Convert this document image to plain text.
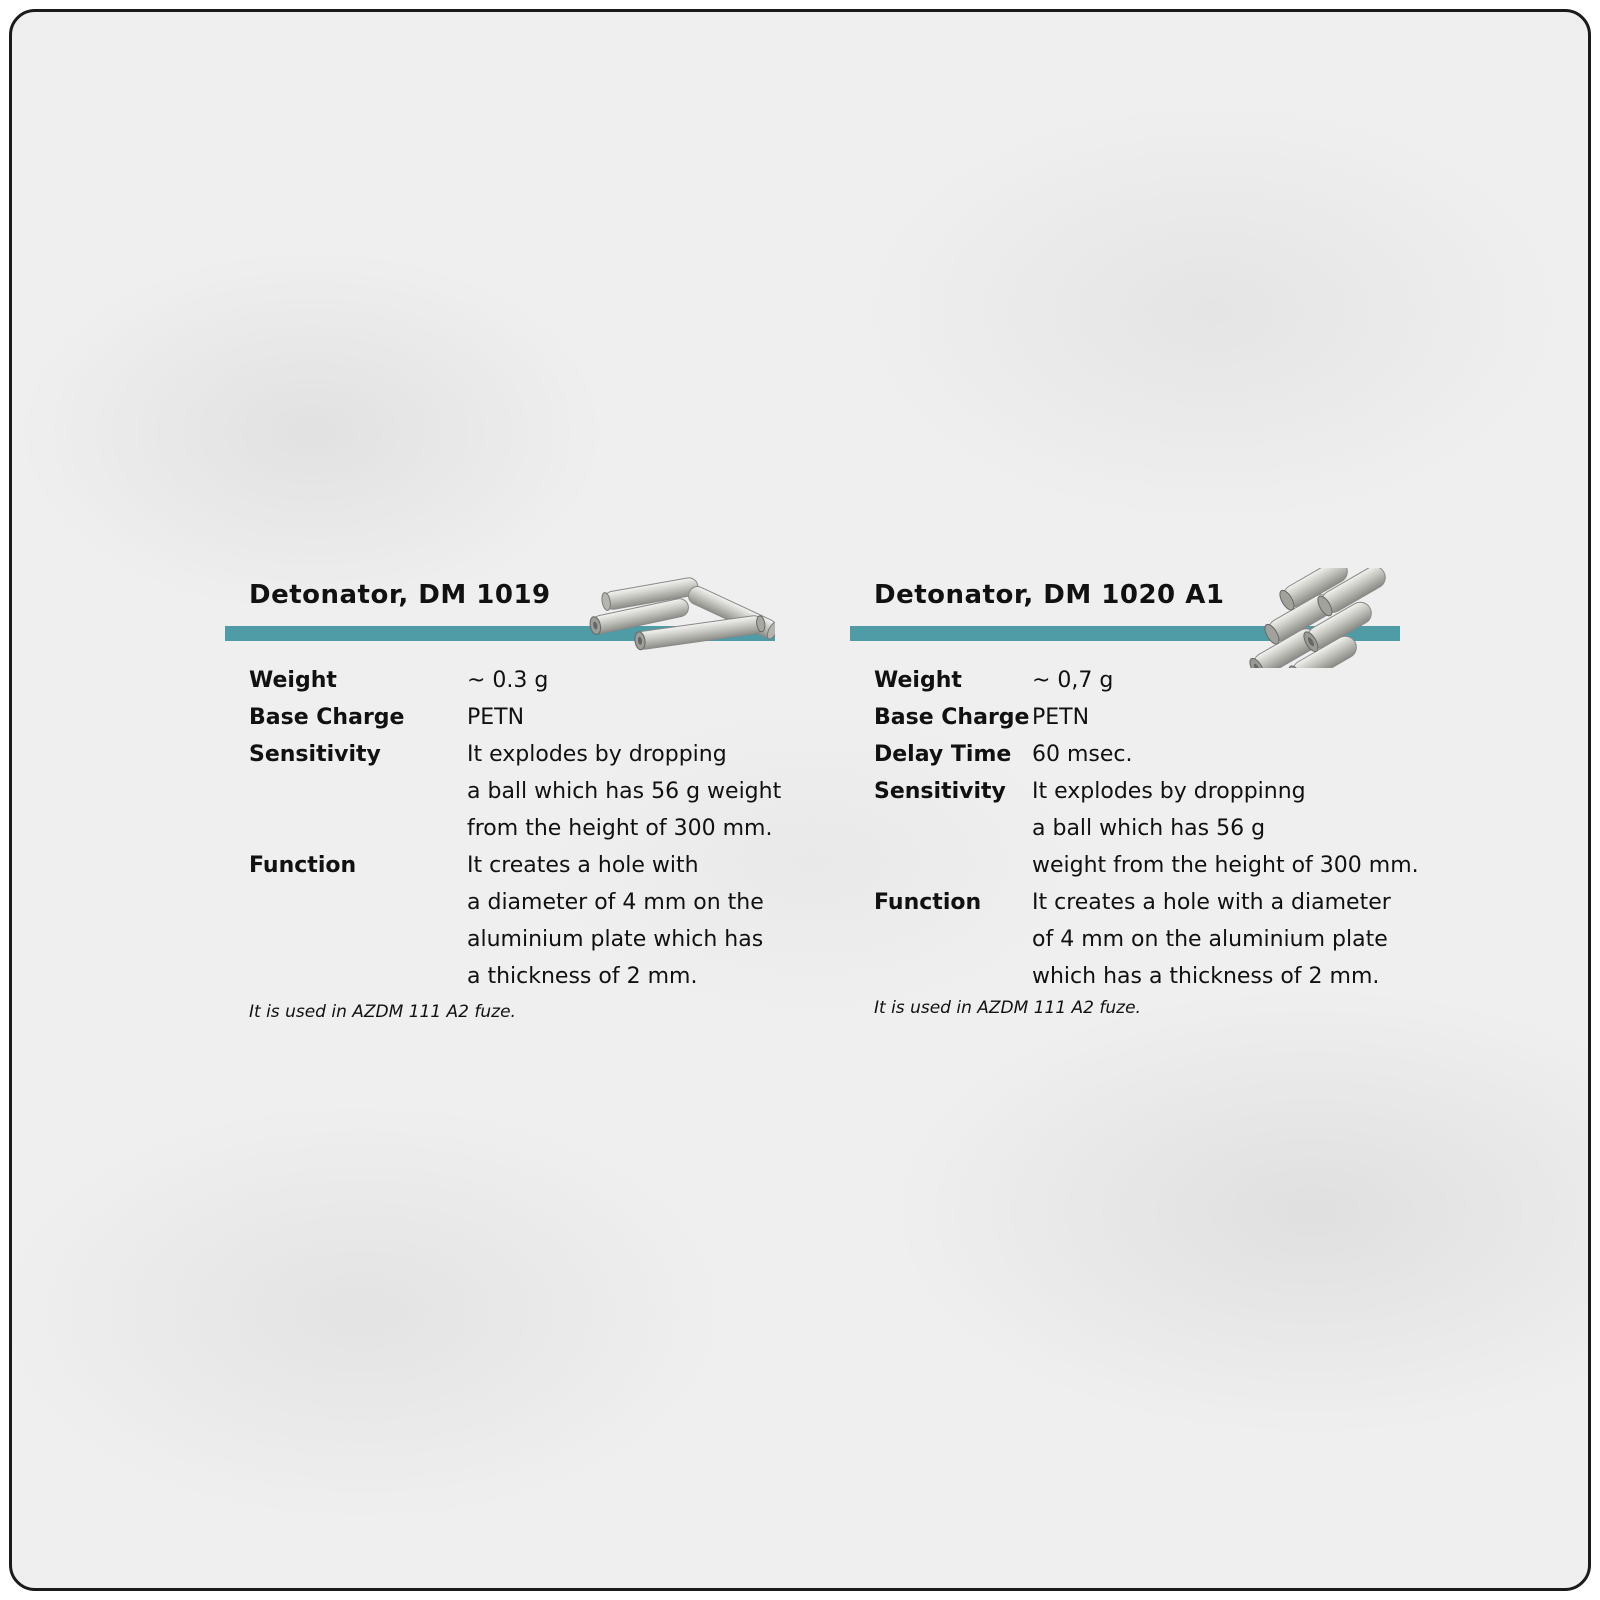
Detonator, DM 1019
Weight	~ 0.3 g
Base Charge	PETN
Sensitivity	It explodes by dropping
a ball which has 56 g weight
from the height of 300 mm.
Function	It creates a hole with
a diameter of 4 mm on the
aluminium plate which has
a thickness of 2 mm.
It is used in AZDM 111 A2 fuze.
Detonator, DM 1020 A1
Weight	~ 0,7 g
Base Charge PETN
Delay Time 60 msec.
Sensitivity	It explodes by droppinng
a ball which has 56 g
weight from the height of 300 mm.
Function	It creates a hole with a diameter
of 4 mm on the aluminium plate
which has a thickness of 2 mm.
It is used in AZDM 111 A2 fuze.
